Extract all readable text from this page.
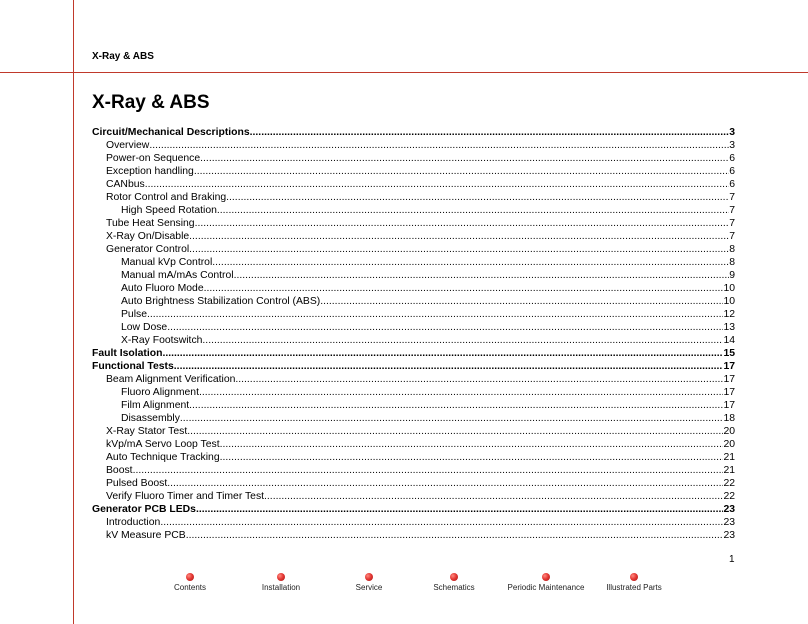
X-Ray & ABS
X-Ray & ABS
Circuit/Mechanical Descriptions .....	3
Overview .....	3
Power-on Sequence .....	6
Exception handling .....	6
CANbus .....	6
Rotor Control and Braking .....	7
High Speed Rotation .....	7
Tube Heat Sensing .....	7
X-Ray On/Disable .....	7
Generator Control .....	8
Manual kVp Control .....	8
Manual mA/mAs Control .....	9
Auto Fluoro Mode .....	10
Auto Brightness Stabilization Control (ABS) .....	10
Pulse .....	12
Low Dose .....	13
X-Ray Footswitch .....	14
Fault Isolation .....	15
Functional Tests .....	17
Beam Alignment Verification .....	17
Fluoro Alignment .....	17
Film Alignment .....	17
Disassembly .....	18
X-Ray Stator Test .....	20
kVp/mA Servo Loop Test .....	20
Auto Technique Tracking .....	21
Boost .....	21
Pulsed Boost .....	22
Verify Fluoro Timer and Timer Test .....	22
Generator PCB LEDs .....	23
Introduction .....	23
kV Measure PCB .....	23
1
Contents	Installation	Service	Schematics	Periodic Maintenance	Illustrated Parts
